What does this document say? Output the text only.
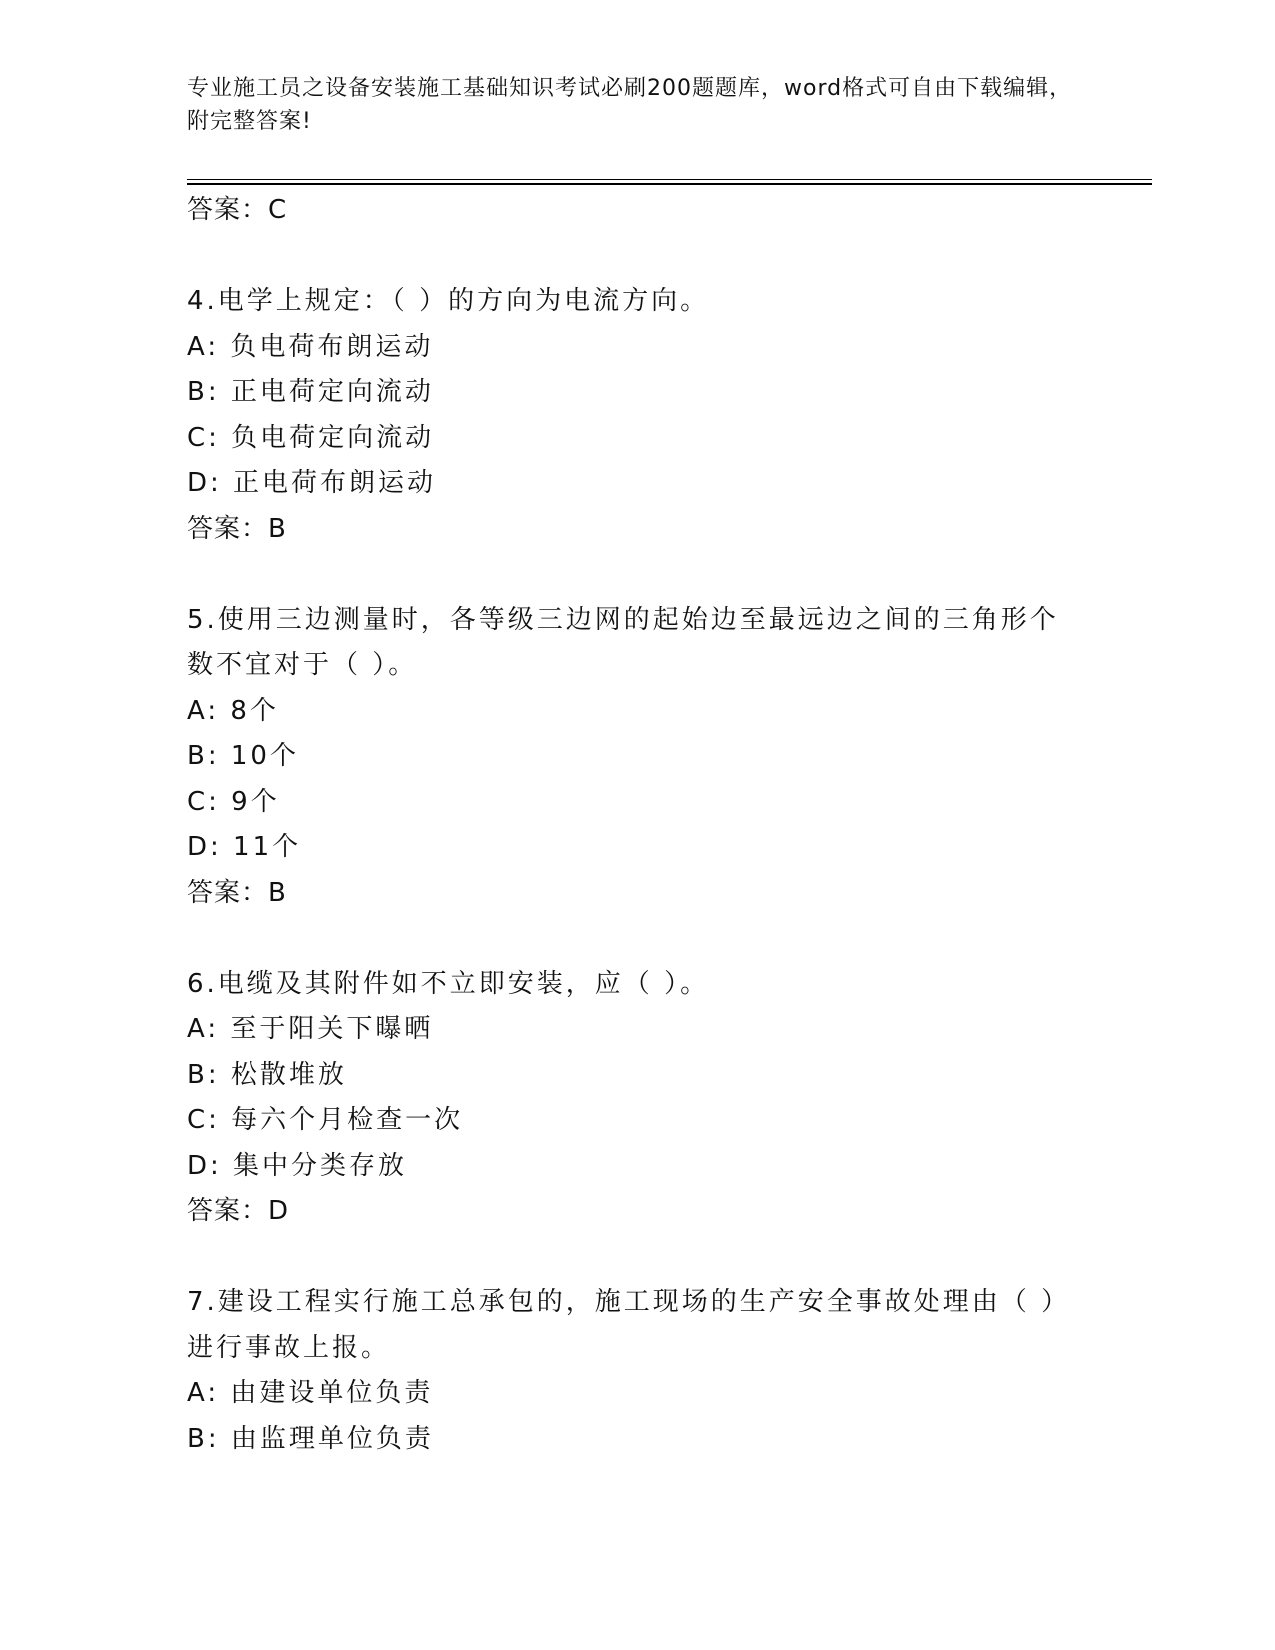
专业施工员之设备安装施工基础知识考试必刷200题题库，word格式可自由下载编辑，附完整答案!
答案：C
4.电学上规定：（ ）的方向为电流方向。
A: 负电荷布朗运动
B: 正电荷定向流动
C: 负电荷定向流动
D: 正电荷布朗运动
答案：B
5.使用三边测量时，各等级三边网的起始边至最远边之间的三角形个数不宜对于（ ）。
A: 8个
B: 10个
C: 9个
D: 11个
答案：B
6.电缆及其附件如不立即安装，应（ ）。
A: 至于阳关下曝晒
B: 松散堆放
C: 每六个月检查一次
D: 集中分类存放
答案：D
7.建设工程实行施工总承包的，施工现场的生产安全事故处理由（ ）进行事故上报。
A: 由建设单位负责
B: 由监理单位负责
